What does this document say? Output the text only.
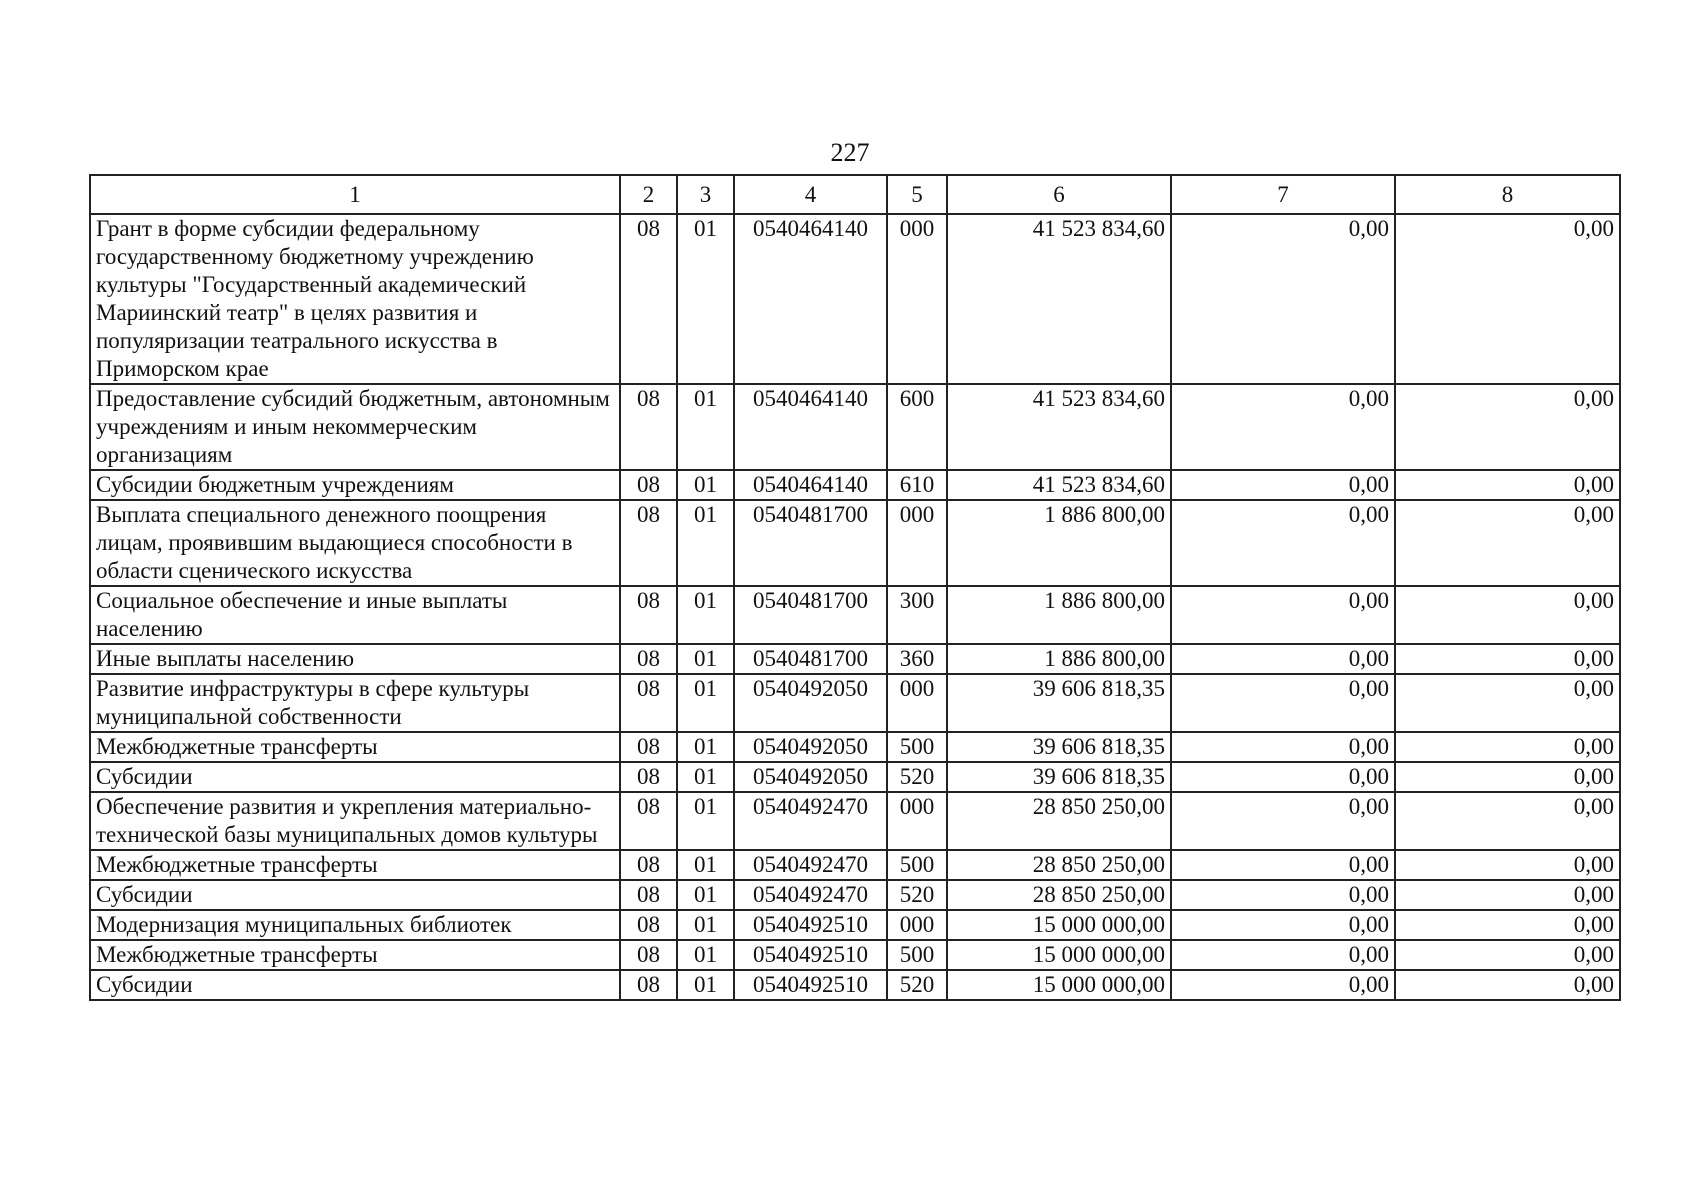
227
1	2	3	4	5	6	7	8
Грант в форме субсидии федеральному государственному бюджетному учреждению культуры "Государственный академический Мариинский театр" в целях развития и популяризации театрального искусства в Приморском крае	08	01	0540464140	000	41 523 834,60	0,00	0,00
Предоставление субсидий бюджетным, автономным учреждениям и иным некоммерческим организациям	08	01	0540464140	600	41 523 834,60	0,00	0,00
Субсидии бюджетным учреждениям	08	01	0540464140	610	41 523 834,60	0,00	0,00
Выплата специального денежного поощрения лицам, проявившим выдающиеся способности в области сценического искусства	08	01	0540481700	000	1 886 800,00	0,00	0,00
Социальное обеспечение и иные выплаты населению	08	01	0540481700	300	1 886 800,00	0,00	0,00
Иные выплаты населению	08	01	0540481700	360	1 886 800,00	0,00	0,00
Развитие инфраструктуры в сфере культуры муниципальной собственности	08	01	0540492050	000	39 606 818,35	0,00	0,00
Межбюджетные трансферты	08	01	0540492050	500	39 606 818,35	0,00	0,00
Субсидии	08	01	0540492050	520	39 606 818,35	0,00	0,00
Обеспечение развития и укрепления материально-технической базы муниципальных домов культуры	08	01	0540492470	000	28 850 250,00	0,00	0,00
Межбюджетные трансферты	08	01	0540492470	500	28 850 250,00	0,00	0,00
Субсидии	08	01	0540492470	520	28 850 250,00	0,00	0,00
Модернизация муниципальных библиотек	08	01	0540492510	000	15 000 000,00	0,00	0,00
Межбюджетные трансферты	08	01	0540492510	500	15 000 000,00	0,00	0,00
Субсидии	08	01	0540492510	520	15 000 000,00	0,00	0,00
